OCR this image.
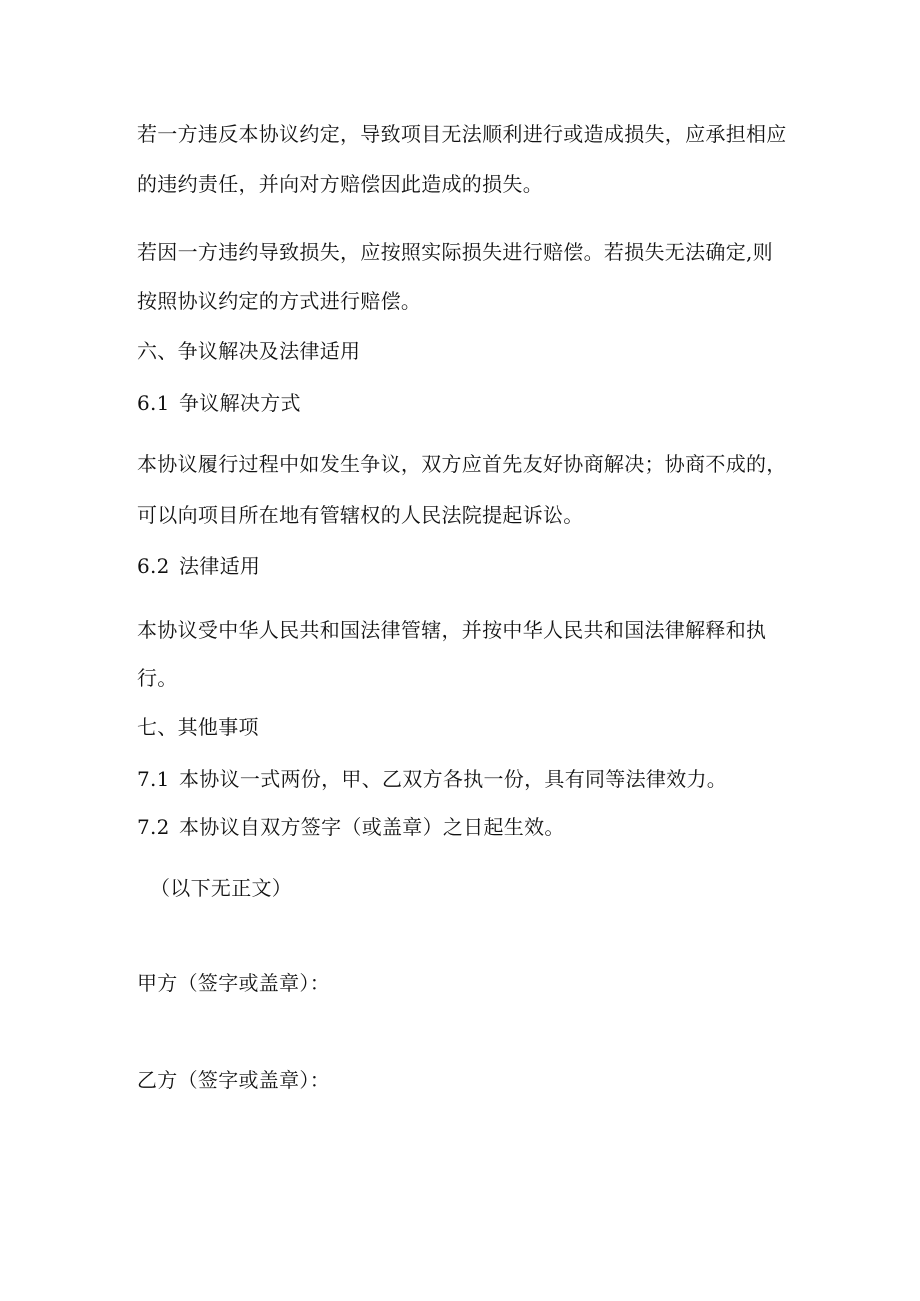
若一方违反本协议约定，导致项目无法顺利进行或造成损失，应承担相应
的违约责任，并向对方赔偿因此造成的损失。
若因一方违约导致损失，应按照实际损失进行赔偿。若损失无法确定,则
按照协议约定的方式进行赔偿。
六、争议解决及法律适用
6.1 争议解决方式
本协议履行过程中如发生争议，双方应首先友好协商解决；协商不成的，
可以向项目所在地有管辖权的人民法院提起诉讼。
6.2 法律适用
本协议受中华人民共和国法律管辖，并按中华人民共和国法律解释和执
行。
七、其他事项
7.1 本协议一式两份，甲、乙双方各执一份，具有同等法律效力。
7.2 本协议自双方签字（或盖章）之日起生效。
（以下无正文）
甲方（签字或盖章）：
乙方（签字或盖章）：
